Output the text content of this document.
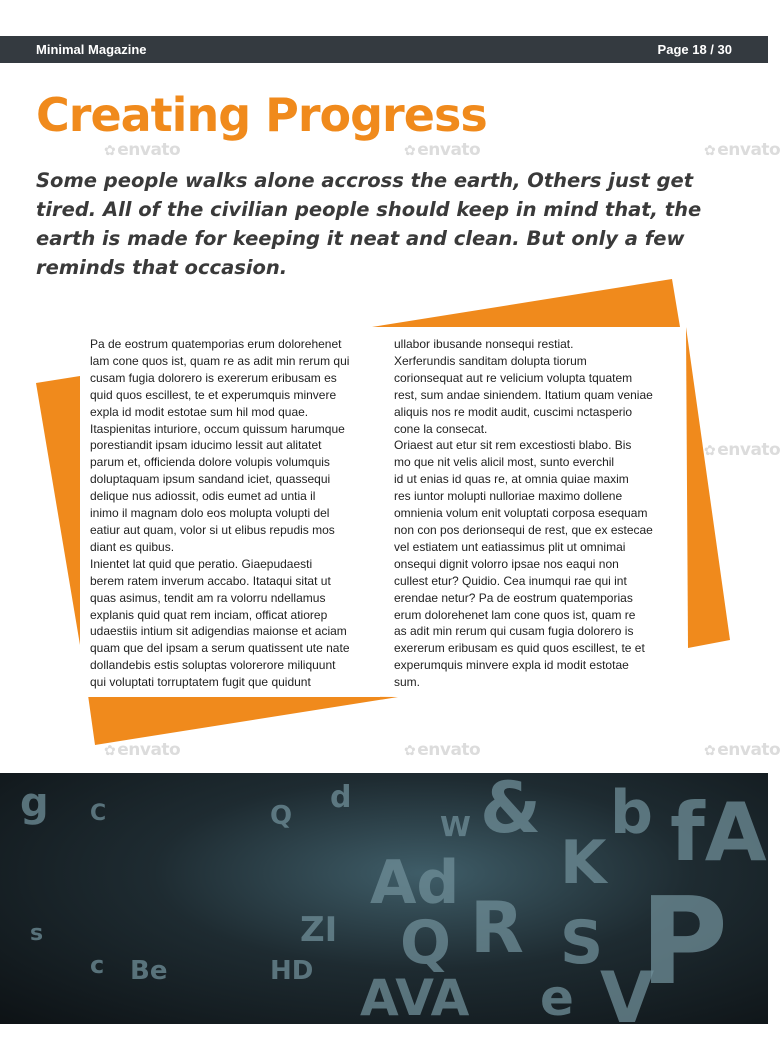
Minimal Magazine	Page 18 / 30
✿ envato	✿ envato	✿ envato
✿ envato
✿ envato	✿ envato	✿ envato
Creating Progress

Some people walks alone accross the earth, Others just get tired. All of the civilian people should keep in mind that, the earth is made for keeping it neat and clean. But only a few reminds that occasion.

Pa de eostrum quatemporias erum dolorehenet
lam cone quos ist, quam re as adit min rerum qui
cusam fugia dolorero is exererum eribusam es
quid quos escillest, te et experumquis minvere
expla id modit estotae sum hil mod quae.
Itaspienitas inturiore, occum quissum harumque
porestiandit ipsam iducimo lessit aut alitatet
parum et, officienda dolore volupis volumquis
doluptaquam ipsum sandand iciet, quassequi
delique nus adiossit, odis eumet ad untia il
inimo il magnam dolo eos molupta volupti del
eatiur aut quam, volor si ut elibus repudis mos
diant es quibus.
Inientet lat quid que peratio. Giaepudaesti
berem ratem inverum accabo. Itataqui sitat ut
quas asimus, tendit am ra volorru ndellamus
explanis quid quat rem inciam, officat atiorep
udaestiis intium sit adigendias maionse et aciam
quam que del ipsam a serum quatissent ute nate
dollandebis estis soluptas volorerore miliquunt
qui voluptati torruptatem fugit que quidunt

ullabor ibusande nonsequi restiat.
Xerferundis sanditam dolupta tiorum
corionsequat aut re velicium volupta tquatem
rest, sum andae siniendem. Itatium quam veniae
aliquis nos re modit audit, cuscimi nctasperio
cone la consecat.
Oriaest aut etur sit rem excestiosti blabo. Bis
mo que nit velis alicil most, sunto everchil
id ut enias id quas re, at omnia quiae maxim
res iuntor molupti nulloriae maximo dollene
omnienia volum enit voluptati corposa esequam
non con pos derionsequi de rest, que ex estecae
vel estiatem unt eatiassimus plit ut omnimai
onsequi dignit volorro ipsae nos eaqui non
cullest etur? Quidio. Cea inumqui rae qui int
erendae netur? Pa de eostrum quatemporias
erum dolorehenet lam cone quos ist, quam re
as adit min rerum qui cusam fugia dolorero is
exererum eribusam es quid quos escillest, te et
experumquis minvere expla id modit estotae
sum.

g C	Q
d
W & b fA
Ad K
ZI Q R S P
s
c Be	HD AVA e V
